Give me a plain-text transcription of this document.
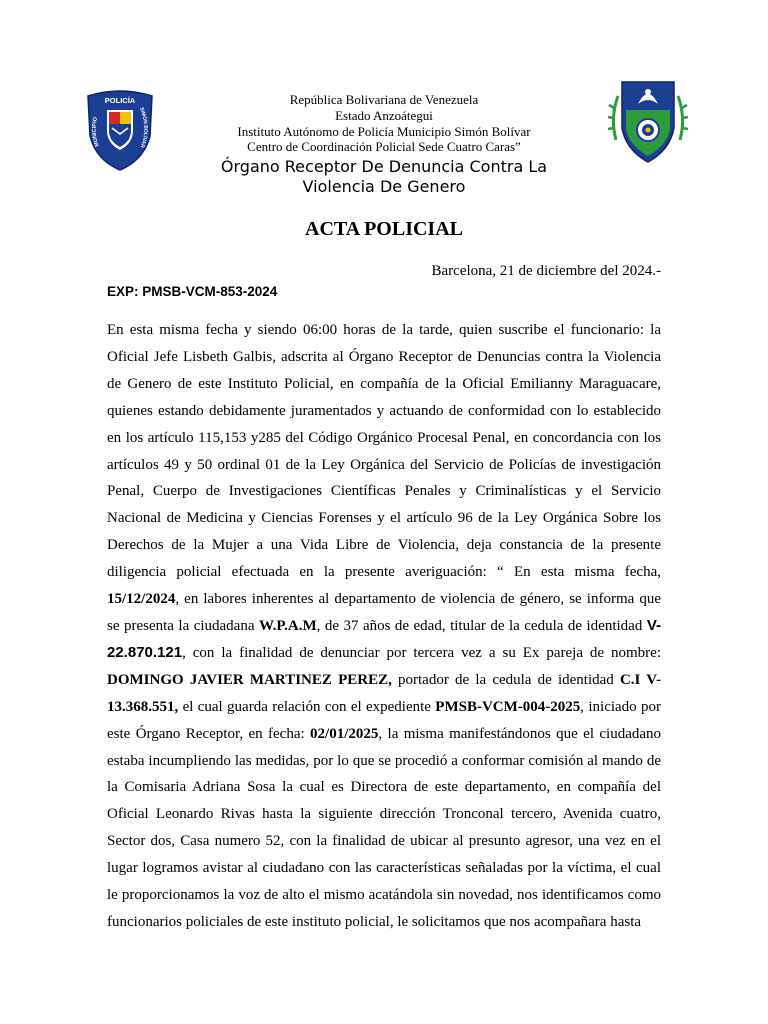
POLICÍA
MUNICIPIO
SIMÓN BOLÍVAR
República Bolivariana de Venezuela
Estado Anzoátegui
Instituto Autónomo de Policía Municipio Simón Bolívar
Centro de Coordinación Policial Sede Cuatro Caras”
Órgano Receptor De Denuncia Contra La
Violencia De Genero
ACTA POLICIAL
Barcelona, 21 de diciembre del 2024.-
EXP: PMSB-VCM-853-2024

En esta misma fecha y siendo 06:00 horas de la tarde, quien suscribe el funcionario: la Oficial Jefe Lisbeth Galbis, adscrita al Órgano Receptor de Denuncias contra la Violencia de Genero de este Instituto Policial, en compañía de la Oficial Emilianny Maraguacare, quienes estando debidamente juramentados y actuando de conformidad con lo establecido en los artículo 115,153 y285 del Código Orgánico Procesal Penal, en concordancia con los artículos 49 y 50 ordinal 01 de la Ley Orgánica del Servicio de Policías de investigación Penal, Cuerpo de Investigaciones Científicas Penales y Criminalísticas y el Servicio Nacional de Medicina y Ciencias Forenses y el artículo 96 de la Ley Orgánica Sobre los Derechos de la Mujer a una Vida Libre de Violencia, deja constancia de la presente diligencia policial efectuada en la presente averiguación: “ En esta misma fecha, 15/12/2024, en labores inherentes al departamento de violencia de género, se informa que se presenta la ciudadana W.P.A.M, de 37 años de edad, titular de la cedula de identidad V-22.870.121, con la finalidad de denunciar por tercera vez a su Ex pareja de nombre: DOMINGO JAVIER MARTINEZ PEREZ, portador de la cedula de identidad C.I V-13.368.551, el cual guarda relación con el expediente PMSB-VCM-004-2025, iniciado por este Órgano Receptor, en fecha: 02/01/2025, la misma manifestándonos que el ciudadano estaba incumpliendo las medidas, por lo que se procedió a conformar comisión al mando de la Comisaria Adriana Sosa la cual es Directora de este departamento, en compañía del Oficial Leonardo Rivas hasta la siguiente dirección Tronconal tercero, Avenida cuatro, Sector dos, Casa numero 52, con la finalidad de ubicar al presunto agresor, una vez en el lugar logramos avistar al ciudadano con las características señaladas por la víctima, el cual le proporcionamos la voz de alto el mismo acatándola sin novedad, nos identificamos como funcionarios policiales de este instituto policial, le solicitamos que nos acompañara hasta
